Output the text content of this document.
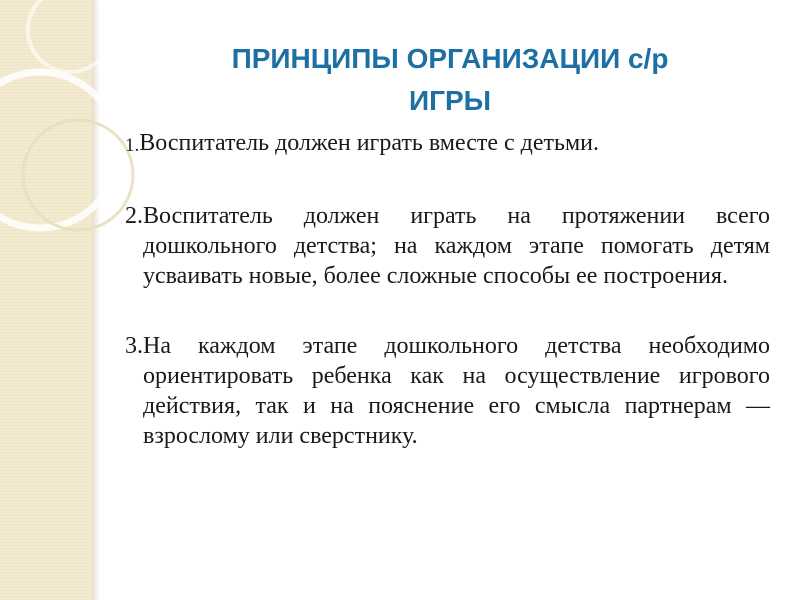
ПРИНЦИПЫ ОРГАНИЗАЦИИ с/р
ИГРЫ
1. Воспитатель должен играть вместе с детьми.
2. Воспитатель должен играть на протяжении всего дошкольного детства; на каждом этапе помогать детям усваивать новые, более сложные способы ее построения.
3. На каждом этапе дошкольного детства необходимо ориентировать ребенка как на осуществление игрового действия, так и на пояснение его смысла партнерам — взрослому или сверстнику.
